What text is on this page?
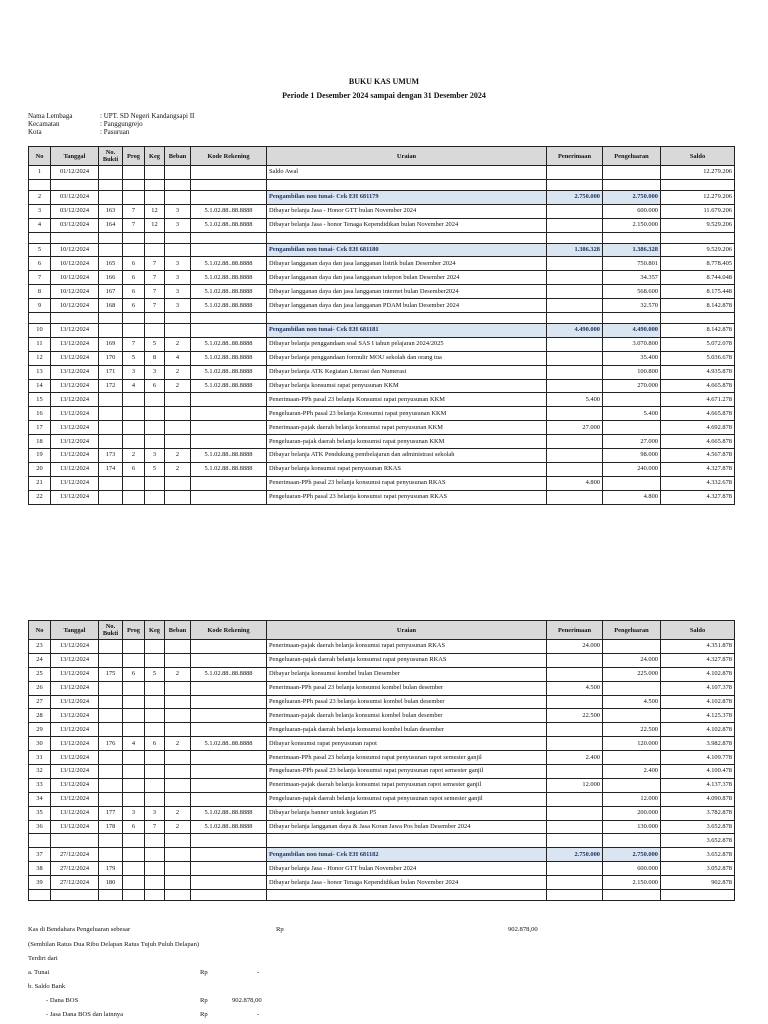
BUKU KAS UMUM
Periode 1 Desember 2024 sampai dengan 31 Desember 2024
Nama Lembaga	: UPT. SD Negeri Kandangsapi II
Kecamatan	: Panggungrejo
Kota	: Pasuruan
No	Tanggal	No. Bukti	Prog	Keg	Beban	Kode Rekening	Uraian	Penerimaan	Pengeluaran	Saldo
1	01/12/2024						Saldo Awal			12.279.206

2	03/12/2024						Pengambilan non tunai- Cek EH 681179	2.750.000	2.750.000	12.279.206
3	03/12/2024	163	7	12	3	5.1.02.88..88.8888	Dibayar belanja Jasa - Honor GTT bulan November 2024		600.000	11.679.206
4	03/12/2024	164	7	12	3	5.1.02.88..88.8888	Dibayar belanja Jasa - honor Tenaga Kependidikan bulan November 2024		2.150.000	9.529.206

5	10/12/2024						Pengambilan non tunai- Cek EH 681180	1.386.328	1.386.328	9.529.206
6	10/12/2024	165	6	7	3	5.1.02.88..88.8888	Dibayar langganan daya dan jasa langganan listrik bulan Desember 2024		750.801	8.778.405
7	10/12/2024	166	6	7	3	5.1.02.88..88.8888	Dibayar langganan daya dan jasa langganan telepon bulan Desember 2024		34.357	8.744.048
8	10/12/2024	167	6	7	3	5.1.02.88..88.8888	Dibayar langganan daya dan jasa langganan internet bulan Desember2024		568.600	8.175.448
9	10/12/2024	168	6	7	3	5.1.02.88..88.8888	Dibayar langganan daya dan jasa langganan PDAM bulan Desember 2024		32.570	8.142.878

10	13/12/2024						Pengambilan non tunai- Cek EH 681181	4.490.000	4.490.000	8.142.878
11	13/12/2024	169	7	5	2	5.1.02.88..88.8888	Dibayar belanja penggandaan soal SAS I tahun pelajaran 2024/2025		3.070.800	5.072.078
12	13/12/2024	170	5	8	4	5.1.02.88..88.8888	Dibayar belanja penggandaan formulir MOU sekolah dan orang tua		35.400	5.036.678
13	13/12/2024	171	3	3	2	5.1.02.88..88.8888	Dibayar belanja ATK Kegiatan Literasi dan Numerasi		100.800	4.935.878
14	13/12/2024	172	4	6	2	5.1.02.88..88.8888	Dibayar belanja konsumsi rapat penyusunan KKM		270.000	4.665.878
15	13/12/2024						Penerimaan-PPh pasal 23 belanja Konsumsi rapat penyusunan KKM	5.400		4.671.278
16	13/12/2024						Pengeluaran-PPh pasal 23 belanja Konsumsi rapat penyusunan KKM		5.400	4.665.878
17	13/12/2024						Penerimaan-pajak daerah belanja konsumsi rapat penyusunan KKM	27.000		4.692.878
18	13/12/2024						Pengeluaran-pajak daerah belanja konsumsi rapat penyusunan KKM		27.000	4.665.878
19	13/12/2024	173	2	3	2	5.1.02.88..88.8888	Dibayar belanja ATK Pendukung pembelajaran dan administrasi sekolah		98.000	4.567.878
20	13/12/2024	174	6	5	2	5.1.02.88..88.8888	Dibayar belanja konsumsi rapat penyusunan RKAS		240.000	4.327.878
21	13/12/2024						Penerimaan-PPh pasal 23 belanja konsumsi rapat penyusunan RKAS	4.800		4.332.678
22	13/12/2024						Pengeluaran-PPh pasal 23 belanja konsumsi rapat penyusunan RKAS		4.800	4.327.878
No	Tanggal	No. Bukti	Prog	Keg	Beban	Kode Rekening	Uraian	Penerimaan	Pengeluaran	Saldo
23	13/12/2024						Penerimaan-pajak daerah belanja konsumsi rapat penyusunan RKAS	24.000		4.351.878
24	13/12/2024						Pengeluaran-pajak daerah belanja konsumsi rapat penyusunan RKAS		24.000	4.327.878
25	13/12/2024	175	6	5	2	5.1.02.88..88.8888	Dibayar belanja konsumsi kombel bulan Desember		225.000	4.102.878
26	13/12/2024						Penerimaan-PPh pasal 23 belanja konsumsi kombel bulan desember	4.500		4.107.378
27	13/12/2024						Pengeluaran-PPh pasal 23 belanja konsumsi kombel bulan desember		4.500	4.102.878
28	13/12/2024						Penerimaan-pajak daerah belanja konsumsi kombel bulan desember	22.500		4.125.378
29	13/12/2024						Pengeluaran-pajak daerah belanja konsumsi kombel bulan desember		22.500	4.102.878
30	13/12/2024	176	4	6	2	5.1.02.88..88.8888	Dibayar konsumsi rapat penyusunan rapot		120.000	3.982.878
31	13/12/2024						Penerimaan-PPh pasal 23 belanja konsumsi rapat penyusunan rapot semester ganjil	2.400		4.109.778
32	13/12/2024						Pengeluaran-PPh pasal 23 belanja konsumsi rapat penyusunan rapot semester ganjil		2.400	4.100.478
33	13/12/2024						Penerimaan-pajak daerah belanja konsumsi rapat penyusunan rapot semester ganjil	12.000		4.137.378
34	13/12/2024						Pengeluaran-pajak daerah belanja konsumsi rapat penyusunan rapot semester ganjil		12.000	4.090.878
35	13/12/2024	177	3	3	2	5.1.02.88..88.8888	Dibayar belanja banner untuk kegiatan P5		200.000	3.782.878
36	13/12/2024	178	6	7	2	5.1.02.88..88.8888	Dibayar belanja langganan daya & Jasa Koran Jawa Pos bulan Desember 2024		130.000	3.652.878
										3.652.878
37	27/12/2024						Pengambilan non tunai- Cek EH 681182	2.750.000	2.750.000	3.652.878
38	27/12/2024	179					Dibayar belanja Jasa - Honor GTT bulan November 2024		600.000	3.052.878
39	27/12/2024	180					Dibayar belanja Jasa - honor Tenaga Kependidikan bulan November 2024		2.150.000	902.878

Kas di Bendahara Pengeluaran sebesar	Rp	902.878,00
(Sembilan Ratus Dua Ribu Delapan Ratus Tujuh Puluh Delapan)
Terdiri dari
a. Tunai	Rp	-
b. Saldo Bank
- Dana BOS	Rp	902.878,00
- Jasa Dana BOS dan lainnya	Rp	-
